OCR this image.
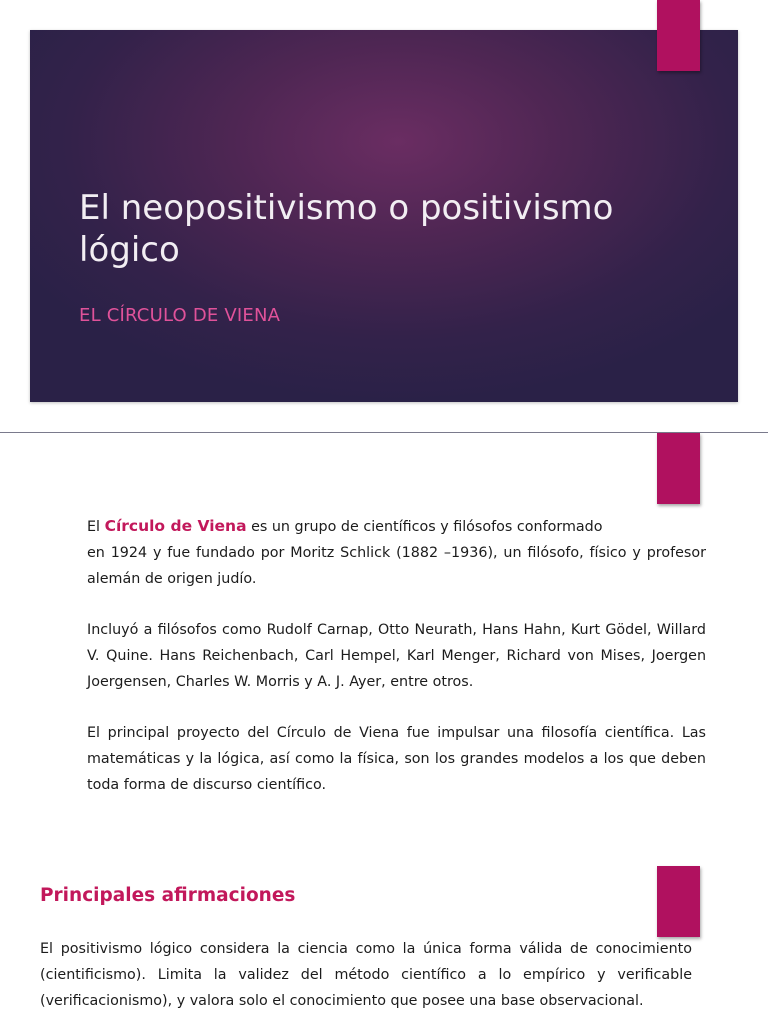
El neopositivismo o positivismo lógico

EL CÍRCULO DE VIENA

El Círculo de Viena es un grupo de científicos y filósofos conformado
en 1924 y fue fundado por Moritz Schlick (1882 –1936), un filósofo, físico y profesor alemán de origen judío.

Incluyó a filósofos como Rudolf Carnap, Otto Neurath, Hans Hahn, Kurt Gödel, Willard V. Quine. Hans Reichenbach, Carl Hempel, Karl Menger, Richard von Mises, Joergen Joergensen, Charles W. Morris y A. J. Ayer, entre otros.

El principal proyecto del Círculo de Viena fue impulsar una filosofía científica. Las matemáticas y la lógica, así como la física, son los grandes modelos a los que deben toda forma de discurso científico.

Principales afirmaciones

El positivismo lógico considera la ciencia como la única forma válida de conocimiento (cientificismo). Limita la validez del método científico a lo empírico y verificable (verificacionismo), y valora solo el conocimiento que posee una base observacional.
